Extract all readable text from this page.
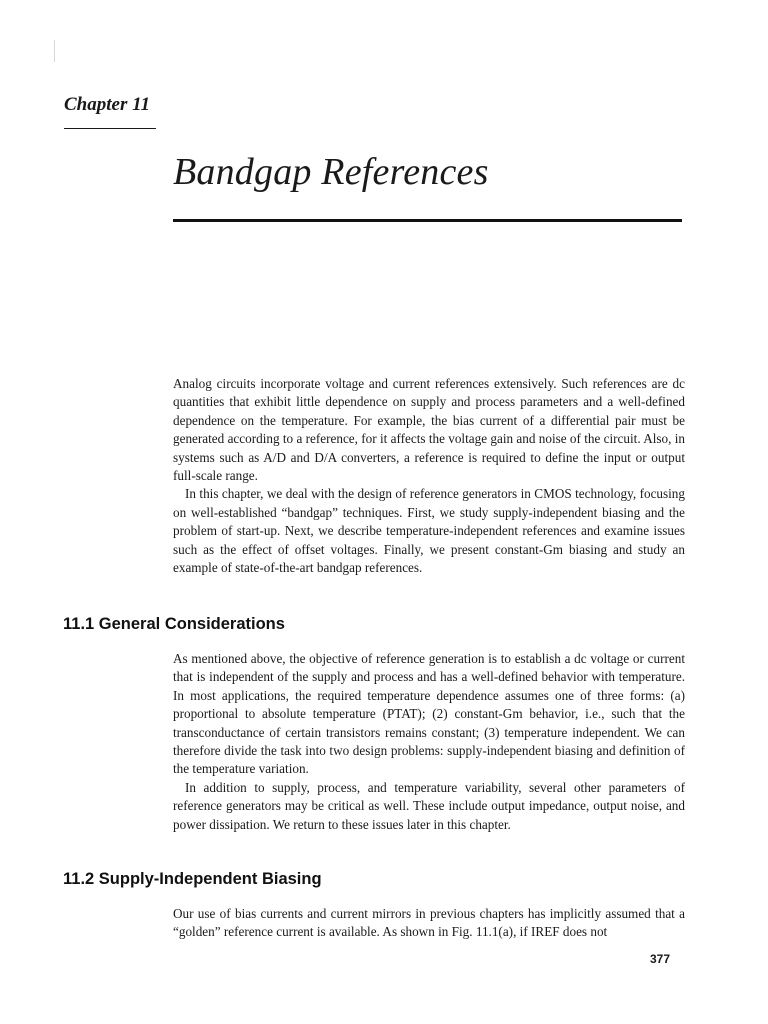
Chapter 11
Bandgap References

Analog circuits incorporate voltage and current references extensively. Such references are dc quantities that exhibit little dependence on supply and process parameters and a well-defined dependence on the temperature. For example, the bias current of a differential pair must be generated according to a reference, for it affects the voltage gain and noise of the circuit. Also, in systems such as A/D and D/A converters, a reference is required to define the input or output full-scale range.

In this chapter, we deal with the design of reference generators in CMOS technology, focusing on well-established “bandgap” techniques. First, we study supply-independent biasing and the problem of start-up. Next, we describe temperature-independent references and examine issues such as the effect of offset voltages. Finally, we present constant-Gm biasing and study an example of state-of-the-art bandgap references.

11.1 General Considerations

As mentioned above, the objective of reference generation is to establish a dc voltage or current that is independent of the supply and process and has a well-defined behavior with temperature. In most applications, the required temperature dependence assumes one of three forms: (a) proportional to absolute temperature (PTAT); (2) constant-Gm behavior, i.e., such that the transconductance of certain transistors remains constant; (3) temperature independent. We can therefore divide the task into two design problems: supply-independent biasing and definition of the temperature variation.

In addition to supply, process, and temperature variability, several other parameters of reference generators may be critical as well. These include output impedance, output noise, and power dissipation. We return to these issues later in this chapter.

11.2 Supply-Independent Biasing

Our use of bias currents and current mirrors in previous chapters has implicitly assumed that a “golden” reference current is available. As shown in Fig. 11.1(a), if IREF does not

377
